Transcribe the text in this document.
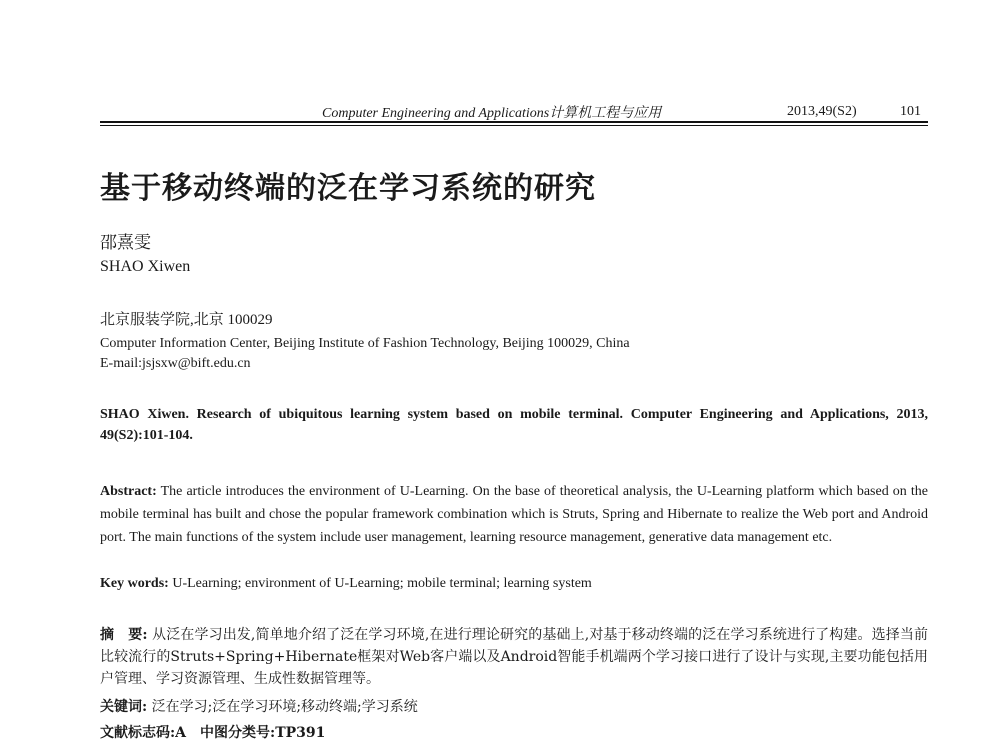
Computer Engineering and Applications计算机工程与应用	2013,49(S2)	101
基于移动终端的泛在学习系统的研究
邵熹雯
SHAO Xiwen
北京服装学院,北京 100029
Computer Information Center, Beijing Institute of Fashion Technology, Beijing 100029, China
E-mail:jsjsxw@bift.edu.cn
SHAO Xiwen. Research of ubiquitous learning system based on mobile terminal. Computer Engineering and Applications, 2013, 49(S2):101-104.
Abstract: The article introduces the environment of U-Learning. On the base of theoretical analysis, the U-Learning platform which based on the mobile terminal has built and chose the popular framework combination which is Struts, Spring and Hibernate to realize the Web port and Android port. The main functions of the system include user management, learning resource management, generative data management etc.
Key words: U-Learning; environment of U-Learning; mobile terminal; learning system
摘　要: 从泛在学习出发,简单地介绍了泛在学习环境,在进行理论研究的基础上,对基于移动终端的泛在学习系统进行了构建。选择当前比较流行的Struts+Spring+Hibernate框架对Web客户端以及Android智能手机端两个学习接口进行了设计与实现,主要功能包括用户管理、学习资源管理、生成性数据管理等。
关键词: 泛在学习;泛在学习环境;移动终端;学习系统
文献标志码:A　中图分类号:TP391
